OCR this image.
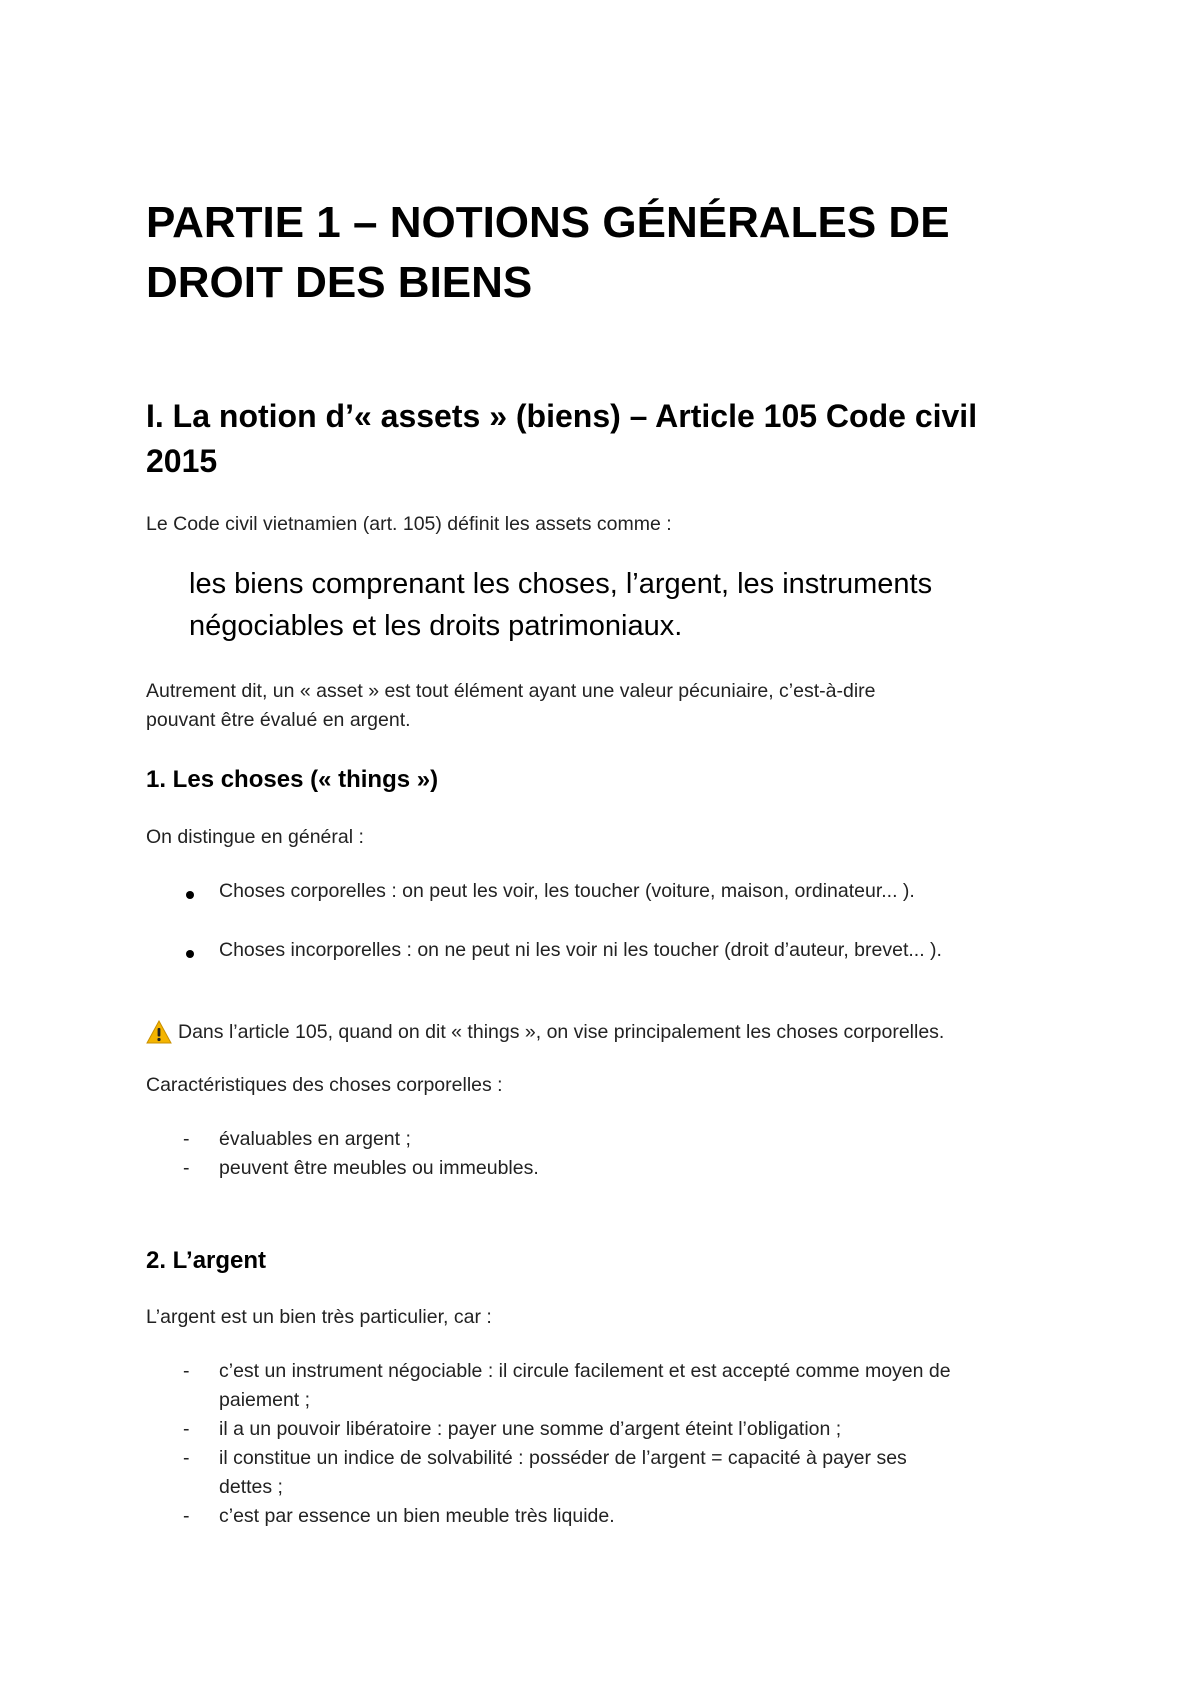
PARTIE 1 – NOTIONS GÉNÉRALES DE
DROIT DES BIENS
I. La notion d’« assets » (biens) – Article 105 Code civil
2015

Le Code civil vietnamien (art. 105) définit les assets comme :

les biens comprenant les choses, l’argent, les instruments
négociables et les droits patrimoniaux.
Autrement dit, un « asset » est tout élément ayant une valeur pécuniaire, c’est-à-dire
pouvant être évalué en argent.
1. Les choses (« things »)

On distingue en général :

Choses corporelles : on peut les voir, les toucher (voiture, maison, ordinateur... ).

Choses incorporelles : on ne peut ni les voir ni les toucher (droit d’auteur, brevet... ).

Dans l’article 105, quand on dit « things », on vise principalement les choses corporelles.

Caractéristiques des choses corporelles :

- évaluables en argent ;

- peuvent être meubles ou immeubles.

2. L’argent

L’argent est un bien très particulier, car :

- c’est un instrument négociable : il circule facilement et est accepté comme moyen de
paiement ;
- il a un pouvoir libératoire : payer une somme d’argent éteint l’obligation ;
- il constitue un indice de solvabilité : posséder de l’argent = capacité à payer ses
dettes ;
- c’est par essence un bien meuble très liquide.
